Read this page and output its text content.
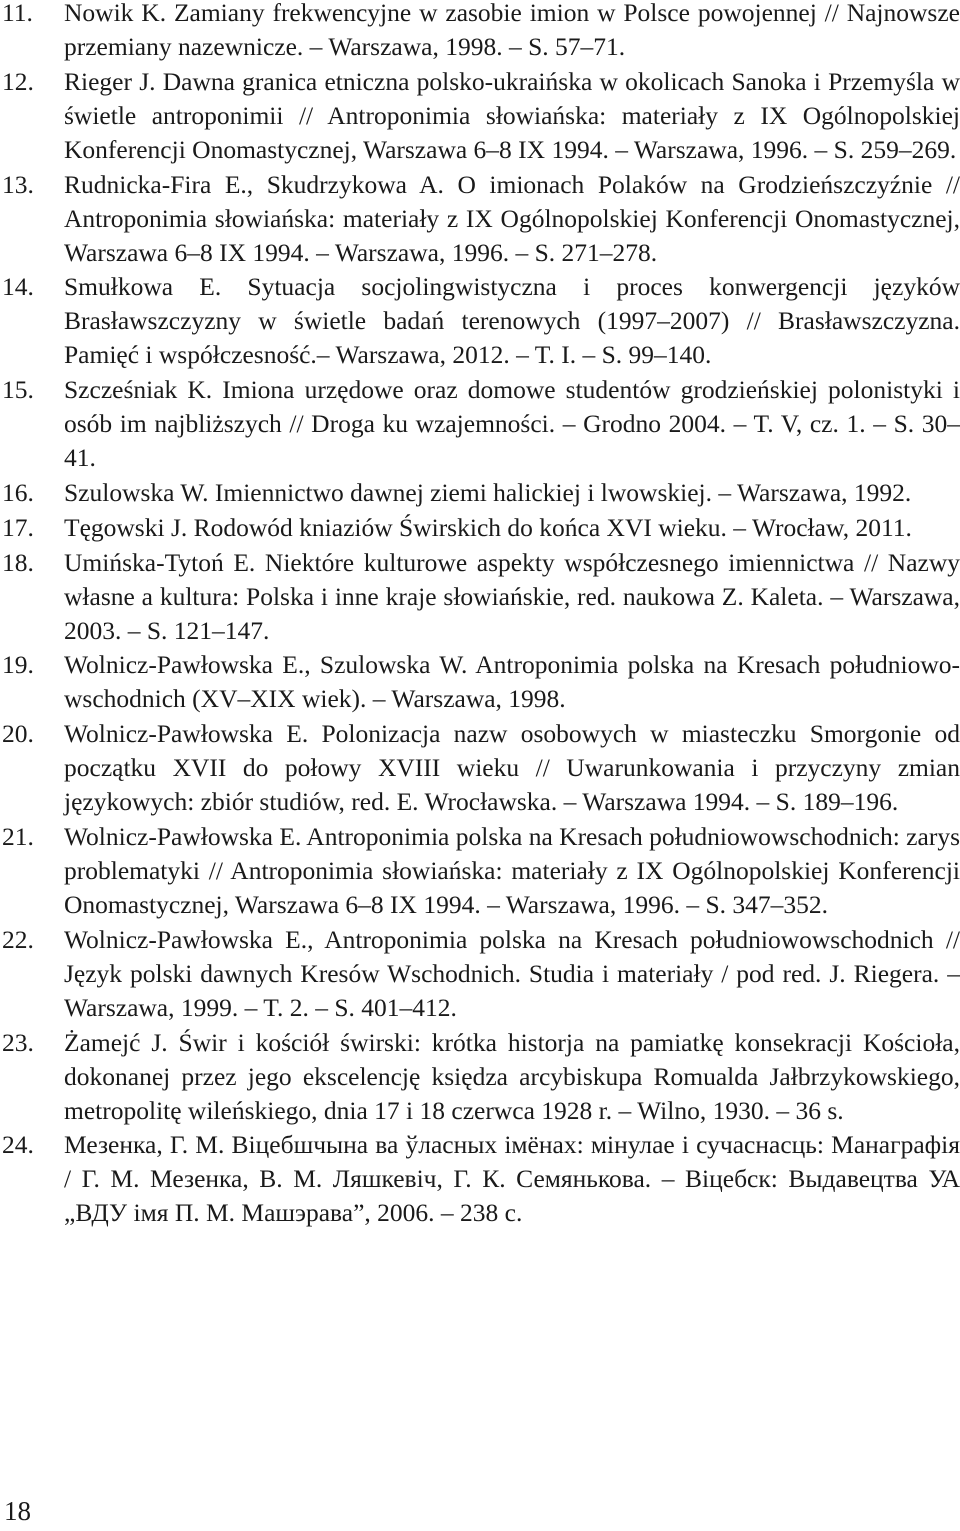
11.	Nowik K. Zamiany frekwencyjne w zasobie imion w Polsce powojennej // Najnowsze przemiany nazewnicze. – Warszawa, 1998. – S. 57–71.
12.	Rieger J. Dawna granica etniczna polsko-ukraińska w okolicach Sanoka i Przemyśla w świetle antroponimii // Antroponimia słowiańska: materiały z IX Ogólnopolskiej Konferencji Onomastycznej, Warszawa 6–8 IX 1994. – Warszawa, 1996. – S. 259–269.
13.	Rudnicka-Fira E., Skudrzykowa A. O imionach Polaków na Grodzieńszczyźnie // Antroponimia słowiańska: materiały z IX Ogólnopolskiej Konferencji Onomastycznej, Warszawa 6–8 IX 1994. – Warszawa, 1996. – S. 271–278.
14.	Smułkowa E. Sytuacja socjolingwistyczna i proces konwergencji języków Brasławszczyzny w świetle badań terenowych (1997–2007) // Brasławszczyzna. Pamięć i współczesność.– Warszawa, 2012. – T. I. – S. 99–140.
15.	Szcześniak K. Imiona urzędowe oraz domowe studentów grodzieńskiej polonistyki i osób im najbliższych // Droga ku wzajemności. – Grodno 2004. – T. V, cz. 1. – S. 30–41.
16.	Szulowska W. Imiennictwo dawnej ziemi halickiej i lwowskiej. – Warszawa, 1992.
17.	Tęgowski J. Rodowód kniaziów Świrskich do końca XVI wieku. – Wrocław, 2011.
18.	Umińska-Tytoń E. Niektóre kulturowe aspekty współczesnego imiennictwa // Nazwy własne a kultura: Polska i inne kraje słowiańskie, red. naukowa Z. Kaleta. – Warszawa, 2003. – S. 121–147.
19.	Wolnicz-Pawłowska E., Szulowska W. Antroponimia polska na Kresach południowo-wschodnich (XV–XIX wiek). – Warszawa, 1998.
20.	Wolnicz-Pawłowska E. Polonizacja nazw osobowych w miasteczku Smorgonie od początku XVII do połowy XVIII wieku // Uwarunkowania i przyczyny zmian językowych: zbiór studiów, red. E. Wrocławska. – Warszawa 1994. – S. 189–196.
21.	Wolnicz-Pawłowska E. Antroponimia polska na Kresach południowowschodnich: zarys problematyki // Antroponimia słowiańska: materiały z IX Ogólnopolskiej Konferencji Onomastycznej, Warszawa 6–8 IX 1994. – Warszawa, 1996. – S. 347–352.
22.	Wolnicz-Pawłowska E., Antroponimia polska na Kresach południowowschodnich // Język polski dawnych Kresów Wschodnich. Studia i materiały / pod red. J. Riegera. – Warszawa, 1999. – T. 2. – S. 401–412.
23.	Żamejć J. Świr i kościół świrski: krótka historja na pamiatkę konsekracji Kościoła, dokonanej przez jego ekscelencję księdza arcybiskupa Romualda Jałbrzykowskiego, metropolitę wileńskiego, dnia 17 i 18 czerwca 1928 r. – Wilno, 1930. – 36 s.
24.	Мезенка, Г. М. Віцебшчына ва ўласных імёнах: мінулае і сучаснасць: Манаграфія / Г. М. Мезенка, В. М. Ляшкевіч, Г. К. Семянькова. – Віцебск: Выдавецтва УА „ВДУ імя П. М. Машэрава”, 2006. – 238 с.
18
